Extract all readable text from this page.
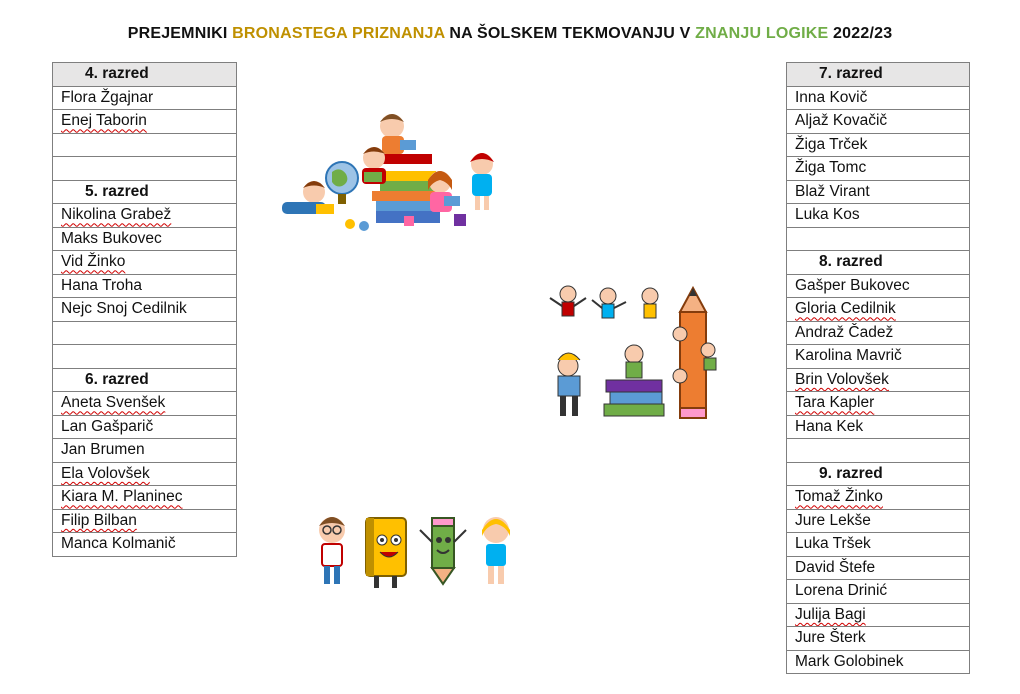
PREJEMNIKI BRONASTEGA PRIZNANJA NA ŠOLSKEM TEKMOVANJU V ZNANJU LOGIKE 2022/23
4. razred
Flora Žgajnar
Enej Taborin

5. razred
Nikolina Grabež
Maks Bukovec
Vid Žinko
Hana Troha
Nejc Snoj Cedilnik

6. razred
Aneta Svenšek
Lan Gašparič
Jan Brumen
Ela Volovšek
Kiara M. Planinec
Filip Bilban
Manca Kolmanič
7. razred
Inna Kovič
Aljaž Kovačič
Žiga Trček
Žiga Tomc
Blaž Virant
Luka Kos

8. razred
Gašper Bukovec
Gloria Cedilnik
Andraž Čadež
Karolina Mavrič
Brin Volovšek
Tara Kapler
Hana Kek

9. razred
Tomaž Žinko
Jure Lekše
Luka Tršek
David Štefe
Lorena Drinić
Julija Bagi
Jure Šterk
Mark Golobinek
